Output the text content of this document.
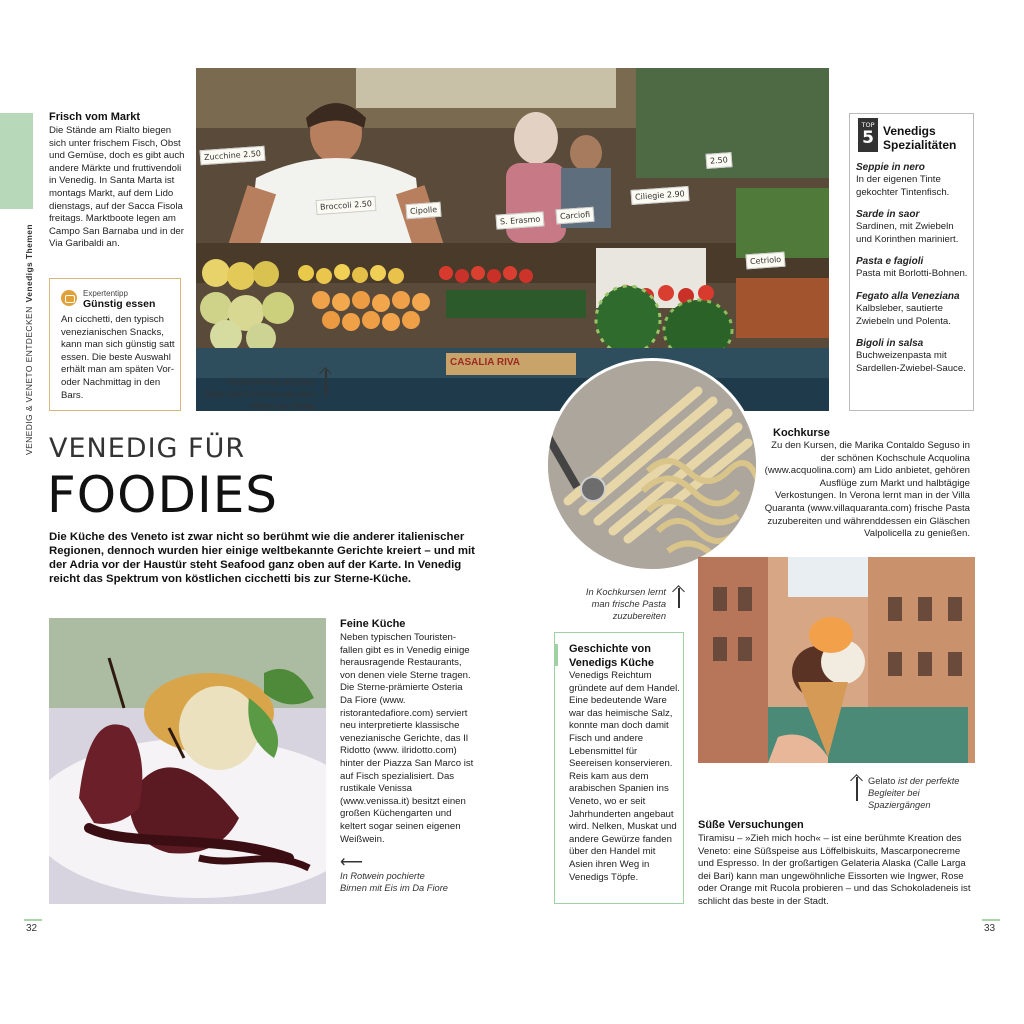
VENEDIG & VENETO ENTDECKENVenedigs Themen
Frisch vom Markt
Die Stände am Rialto biegen sich unter frischem Fisch, Obst und Gemüse, doch es gibt auch andere Märkte und fruttivendoli in Venedig. In Santa Marta ist montags Markt, auf dem Lido dienstags, auf der Sacca Fisola freitags. Marktboote legen am Campo San Barnaba und in der Via Garibaldi an.
Expertentipp
Günstig essen
An cicchetti, den typisch venezianischen Snacks, kann man sich günstig satt essen. Die beste Auswahl erhält man am späten Vor- oder Nachmittag in den Bars.
Zucchine 2.50
Broccoli 2.50	Cipolle
S. Erasmo	Carciofi
Ciliegie 2.90
2.50
Cetriolo
CASALIA RIVA
Farbenfrohes frisches Obst und Gemüse auf dem Markt am Rialto
VENEDIG FÜR
FOODIES
Die Küche des Veneto ist zwar nicht so berühmt wie die anderer italienischer Regionen, dennoch wurden hier einige weltbekannte Gerichte kreiert – und mit der Adria vor der Haustür steht Seafood ganz oben auf der Karte. In Venedig reicht das Spektrum von köstlichen cicchetti bis zur Sterne-Küche.
TOP
5 Venedigs Spezialitäten
Seppie in nero
In der eigenen Tinte gekochter Tintenfisch.
Sarde in saor
Sardinen, mit Zwiebeln und Korinthen mariniert.
Pasta e fagioli
Pasta mit Borlotti-Bohnen.
Fegato alla Veneziana
Kalbsleber, sautierte Zwiebeln und Polenta.
Bigoli in salsa
Buchweizenpasta mit Sardellen-Zwiebel-Sauce.
Kochkurse
Zu den Kursen, die Marika Contaldo Seguso in der schönen Kochschule Acquolina (www.acquolina.com) am Lido anbietet, gehören Ausflüge zum Markt und halbtägige Verkostungen. In Verona lernt man in der Villa Quaranta (www.villaquaranta.com) frische Pasta zuzubereiten und währenddessen ein Gläschen Valpolicella zu genießen.
In Kochkursen lernt man frische Pasta zuzubereiten
Feine Küche
Neben typischen Touristenfallen gibt es in Venedig einige herausragende Restaurants, von denen viele Sterne tragen. Die Sterne-prämierte Osteria Da Fiore (www. ristorantedafiore.com) serviert neu interpretierte klassische venezianische Gerichte, das Il Ridotto (www. ilridotto.com) hinter der Piazza San Marco ist auf Fisch spezialisiert. Das rustikale Venissa (www.venissa.it) besitzt einen großen Küchengarten und keltert sogar seinen eigenen Weißwein.
⟵
In Rotwein pochierte Birnen mit Eis im Da Fiore
Geschichte von Venedigs Küche
Venedigs Reichtum gründete auf dem Handel. Eine bedeutende Ware war das heimische Salz, konnte man doch damit Fisch und andere Lebensmittel für Seereisen konservieren. Reis kam aus dem arabischen Spanien ins Veneto, wo er seit Jahrhunderten angebaut wird. Nelken, Muskat und andere Gewürze fanden über den Handel mit Asien ihren Weg in Venedigs Töpfe.
Gelato ist der perfekte Begleiter bei Spaziergängen
Süße Versuchungen
Tiramisu – »Zieh mich hoch« – ist eine berühmte Kreation des Veneto: eine Süßspeise aus Löffelbiskuits, Mascarponecreme und Espresso. In der großartigen Gelateria Alaska (Calle Larga dei Bari) kann man ungewöhnliche Eissorten wie Ingwer, Rose oder Orange mit Rucola probieren – und das Schokoladeneis ist schlicht das beste in der Stadt.
32	33
